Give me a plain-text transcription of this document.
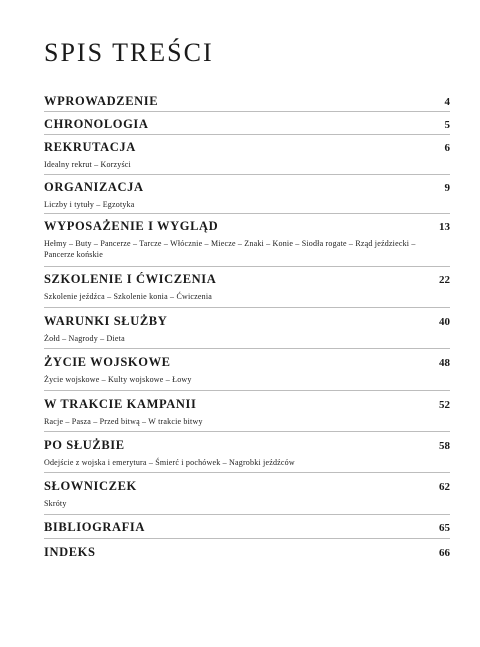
SPIS TREŚCI
WPROWADZENIE	4
CHRONOLOGIA	5
REKRUTACJA	6
Idealny rekrut – Korzyści
ORGANIZACJA	9
Liczby i tytuły – Egzotyka
WYPOSAŻENIE I WYGLĄD	13
Hełmy – Buty – Pancerze – Tarcze – Włócznie – Miecze – Znaki – Konie – Siodła rogate – Rząd jeździecki – Pancerze końskie
SZKOLENIE I ĆWICZENIA	22
Szkolenie jeźdźca – Szkolenie konia – Ćwiczenia
WARUNKI SŁUŻBY	40
Żołd – Nagrody – Dieta
ŻYCIE WOJSKOWE	48
Życie wojskowe – Kulty wojskowe – Łowy
W TRAKCIE KAMPANII	52
Racje – Pasza – Przed bitwą – W trakcie bitwy
PO SŁUŻBIE	58
Odejście z wojska i emerytura – Śmierć i pochówek – Nagrobki jeźdźców
SŁOWNICZEK	62
Skróty
BIBLIOGRAFIA	65
INDEKS	66
